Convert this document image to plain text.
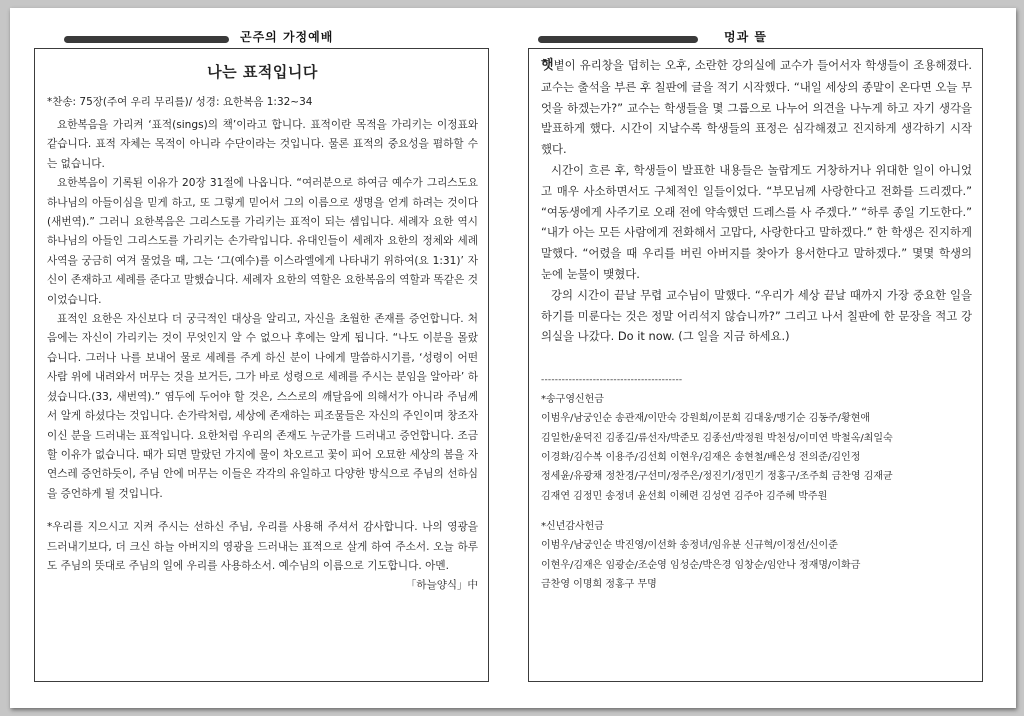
곤주의 가정예배	멍과 뜰
나는 표적입니다

*찬송: 75장(주여 우리 무리를)/ 성경: 요한복음 1:32~34

요한복음을 가리켜 ‘표적(sings)의 책’이라고 합니다. 표적이란 목적을 가리키는 이정표와 같습니다. 표적 자체는 목적이 아니라 수단이라는 것입니다. 물론 표적의 중요성을 폄하할 수는 없습니다.

요한복음이 기록된 이유가 20장 31절에 나옵니다. “여러분으로 하여금 예수가 그리스도요 하나님의 아들이심을 믿게 하고, 또 그렇게 믿어서 그의 이름으로 생명을 얻게 하려는 것이다(새번역).” 그러니 요한복음은 그리스도를 가리키는 표적이 되는 셈입니다. 세례자 요한 역시 하나님의 아들인 그리스도를 가리키는 손가락입니다. 유대인들이 세례자 요한의 정체와 세례 사역을 궁금히 여겨 물었을 때, 그는 ‘그(예수)를 이스라엘에게 나타내기 위하여(요 1:31)’ 자신이 존재하고 세례를 준다고 말했습니다. 세례자 요한의 역할은 요한복음의 역할과 똑같은 것이었습니다.

표적인 요한은 자신보다 더 궁극적인 대상을 알리고, 자신을 초월한 존재를 증언합니다. 처음에는 자신이 가리키는 것이 무엇인지 알 수 없으나 후에는 알게 됩니다. “나도 이분을 몰랐습니다. 그러나 나를 보내어 물로 세례를 주게 하신 분이 나에게 말씀하시기를, ‘성령이 어떤 사람 위에 내려와서 머무는 것을 보거든, 그가 바로 성령으로 세례를 주시는 분임을 알아라’ 하셨습니다.(33, 새번역).” 염두에 두어야 할 것은, 스스로의 깨달음에 의해서가 아니라 주님께서 알게 하셨다는 것입니다. 손가락처럼, 세상에 존재하는 피조물들은 자신의 주인이며 창조자이신 분을 드러내는 표적입니다. 요한처럼 우리의 존재도 누군가를 드러내고 증언합니다. 조금할 이유가 없습니다. 때가 되면 말랐던 가지에 물이 차오르고 꽃이 피어 오묘한 세상의 봄을 자연스레 증언하듯이, 주님 안에 머무는 이들은 각각의 유일하고 다양한 방식으로 주님의 선하심을 증언하게 될 것입니다.

*우리를 지으시고 지켜 주시는 선하신 주님, 우리를 사용해 주셔서 감사합니다. 나의 영광을 드러내기보다, 더 크신 하늘 아버지의 영광을 드러내는 표적으로 살게 하여 주소서. 오늘 하루도 주님의 뜻대로 주님의 일에 우리를 사용하소서. 예수님의 이름으로 기도합니다. 아멘.
「하늘양식」中

햇볕이 유리창을 덥히는 오후, 소란한 강의실에 교수가 들어서자 학생들이 조용해졌다. 교수는 출석을 부른 후 칠판에 글을 적기 시작했다. “내일 세상의 종말이 온다면 오늘 무엇을 하겠는가?” 교수는 학생들을 몇 그룹으로 나누어 의견을 나누게 하고 자기 생각을 발표하게 했다. 시간이 지날수록 학생들의 표정은 심각해졌고 진지하게 생각하기 시작했다.

시간이 흐른 후, 학생들이 발표한 내용들은 놀랍게도 거창하거나 위대한 일이 아니었고 매우 사소하면서도 구체적인 일들이었다. “부모님께 사랑한다고 전화를 드리겠다.” “여동생에게 사주기로 오래 전에 약속했던 드레스를 사 주겠다.” “하루 종일 기도한다.” “내가 아는 모든 사람에게 전화해서 고맙다, 사랑한다고 말하겠다.” 한 학생은 진지하게 말했다. “어렸을 때 우리를 버린 아버지를 찾아가 용서한다고 말하겠다.” 몇몇 학생의 눈에 눈물이 맺혔다.

강의 시간이 끝날 무렵 교수님이 말했다. “우리가 세상 끝날 때까지 가장 중요한 일을 하기를 미룬다는 것은 정말 어리석지 않습니까?” 그리고 나서 칠판에 한 문장을 적고 강의실을 나갔다. Do it now. (그 일을 지금 하세요.)

-----------------------------------------
*송구영신헌금
이범우/남궁인순 송관재/이만숙 강원희/이문희 김대웅/맹기순 김동주/황현애
김일한/윤덕진 김종길/류선자/박준모 김종선/박정원 박천성/이미연 박철옥/최일숙
이경화/김수복 이용주/김선희 이현우/김재은 송현철/배은성 전의준/김인정
정세윤/유광채 정찬경/구선미/정주은/정진기/정민기 정홍구/조주희 금찬영 김재균
김재연 김정민 송정녀 윤선희 이혜련 김성연 김주아 김주혜 박주원
*신년감사헌금
이범우/남궁인순 박진영/이선화 송정녀/임유분 신규혁/이정선/신이준
이현우/김재은 임광순/조순영 임성순/박은경 임창순/임안나 정재명/이화금
금찬영 이명희 정홍구 무명
